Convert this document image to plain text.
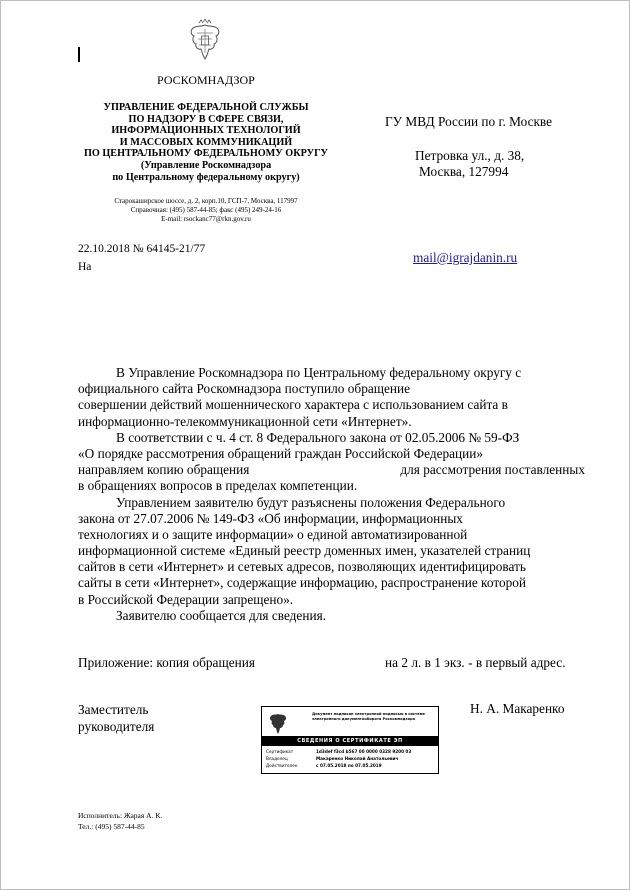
РОСКОМНАДЗОР
УПРАВЛЕНИЕ ФЕДЕРАЛЬНОЙ СЛУЖБЫ
ПО НАДЗОРУ В СФЕРЕ СВЯЗИ,
ИНФОРМАЦИОННЫХ ТЕХНОЛОГИЙ
И МАССОВЫХ КОММУНИКАЦИЙ
ПО ЦЕНТРАЛЬНОМУ ФЕДЕРАЛЬНОМУ ОКРУГУ
(Управление Роскомнадзора
по Центральному федеральному округу)
Старокаширское шоссе, д. 2, корп.10, ГСП-7, Москва, 117997
Справочная: (495) 587-44-85; факс (495) 249-24-16
E-mail: rsockanc77@rkn.gov.ru
22.10.2018 № 64145-21/77
На
ГУ МВД России по г. Москве
Петровка ул., д. 38,
Москва, 127994
mail@igrajdanin.ru
В Управление Роскомнадзора по Центральному федеральному округу с
официального сайта Роскомнадзора поступило обращение
совершении действий мошеннического характера с использованием сайта в
информационно-телекоммуникационной сети «Интернет».
В соответствии с ч. 4 ст. 8 Федерального закона от 02.05.2006 № 59-ФЗ
«О порядке рассмотрения обращений граждан Российской Федерации»
направляем копию обращения	для рассмотрения поставленных
в обращениях вопросов в пределах компетенции.
Управлением заявителю будут разъяснены положения Федерального
закона от 27.07.2006 № 149-ФЗ «Об информации, информационных
технологиях и о защите информации» о единой автоматизированной
информационной системе «Единый реестр доменных имен, указателей страниц
сайтов в сети «Интернет» и сетевых адресов, позволяющих идентифицировать
сайты в сети «Интернет», содержащие информацию, распространение которой
в Российской Федерации запрещено».
Заявителю сообщается для сведения.
Приложение: копия обращения	на 2 л. в 1 экз. - в первый адрес.
Заместитель
руководителя
Н. А. Макаренко
Документ подписан электронной подписью в системе электронного документооборота Роскомнадзора
СВЕДЕНИЯ О СЕРТИФИКАТЕ ЭП
Сертификат	1d3def f3cd b567 00 0000 0328 9200 03
Владелец	Макаренко Николай Анатольевич
Действителен	с 07.05.2018 по 07.05.2019
Исполнитель: Жарая А. К.
Тел.: (495) 587-44-85
